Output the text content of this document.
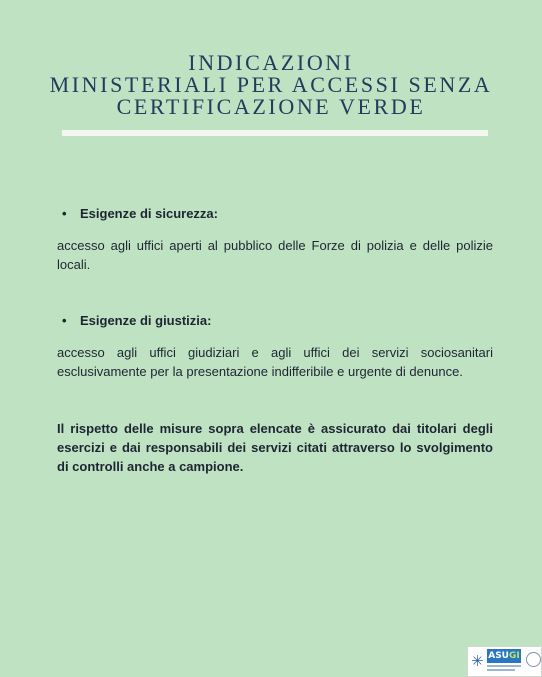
INDICAZIONI
MINISTERIALI PER ACCESSI SENZA
CERTIFICAZIONE VERDE
• Esigenze di sicurezza:

accesso agli uffici aperti al pubblico delle Forze di polizia e delle polizie locali.

• Esigenze di giustizia:

accesso agli uffici giudiziari e agli uffici dei servizi sociosanitari esclusivamente per la presentazione indifferibile e urgente di denunce.

Il rispetto delle misure sopra elencate è assicurato dai titolari degli esercizi e dai responsabili dei servizi citati attraverso lo svolgimento di controlli anche a campione.

✳ ASUGI
